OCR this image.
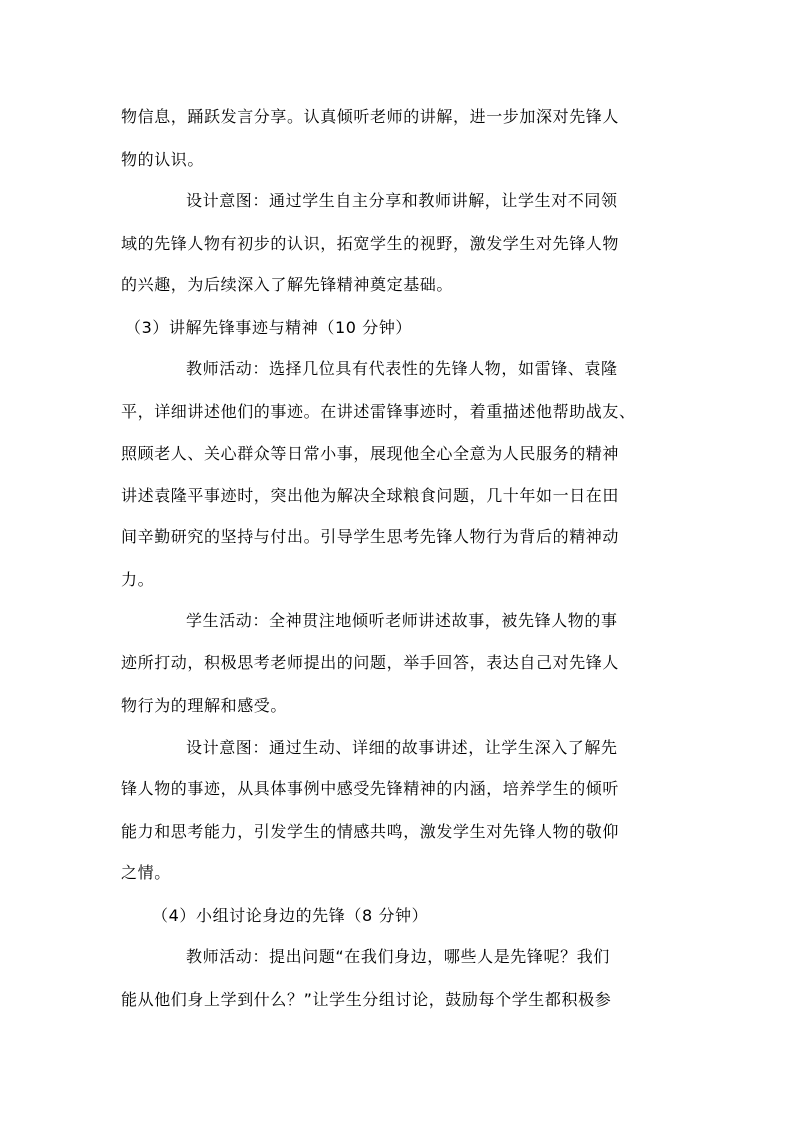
物信息，踊跃发言分享。认真倾听老师的讲解，进一步加深对先锋人
物的认识。
设计意图：通过学生自主分享和教师讲解，让学生对不同领
域的先锋人物有初步的认识，拓宽学生的视野，激发学生对先锋人物
的兴趣，为后续深入了解先锋精神奠定基础。
（3）讲解先锋事迹与精神（10 分钟）
教师活动：选择几位具有代表性的先锋人物，如雷锋、袁隆
平，详细讲述他们的事迹。在讲述雷锋事迹时，着重描述他帮助战友、
照顾老人、关心群众等日常小事，展现他全心全意为人民服务的精神
讲述袁隆平事迹时，突出他为解决全球粮食问题，几十年如一日在田
间辛勤研究的坚持与付出。引导学生思考先锋人物行为背后的精神动
力。
学生活动：全神贯注地倾听老师讲述故事，被先锋人物的事
迹所打动，积极思考老师提出的问题，举手回答，表达自己对先锋人
物行为的理解和感受。
设计意图：通过生动、详细的故事讲述，让学生深入了解先
锋人物的事迹，从具体事例中感受先锋精神的内涵，培养学生的倾听
能力和思考能力，引发学生的情感共鸣，激发学生对先锋人物的敬仰
之情。
（4）小组讨论身边的先锋（8 分钟）
教师活动：提出问题“在我们身边，哪些人是先锋呢？我们
能从他们身上学到什么？”让学生分组讨论，鼓励每个学生都积极参
